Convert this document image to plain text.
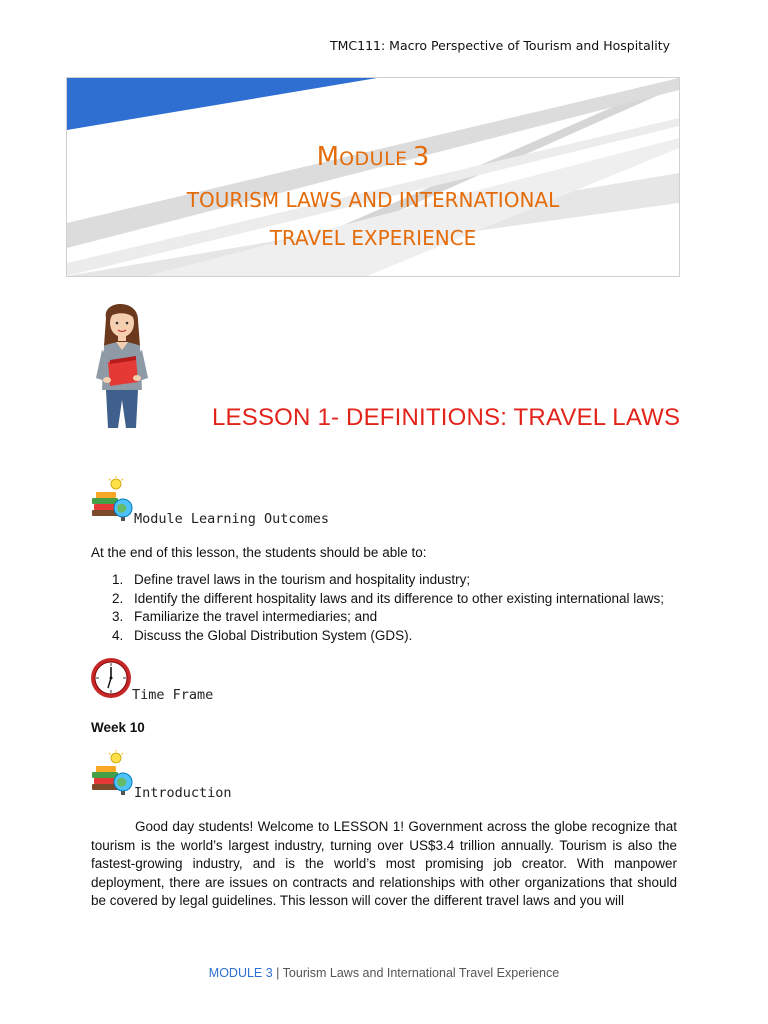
TMC111: Macro Perspective of Tourism and Hospitality
MODULE 3
TOURISM LAWS AND INTERNATIONAL
TRAVEL EXPERIENCE
LESSON 1- DEFINITIONS: TRAVEL LAWS
Module Learning Outcomes
At the end of this lesson, the students should be able to:
1. Define travel laws in the tourism and hospitality industry;
2. Identify the different hospitality laws and its difference to other existing international laws;
3. Familiarize the travel intermediaries; and
4. Discuss the Global Distribution System (GDS).
Time Frame
Week 10
Introduction
Good day students! Welcome to LESSON 1! Government across the globe recognize that tourism is the world’s largest industry, turning over US$3.4 trillion annually. Tourism is also the fastest-growing industry, and is the world’s most promising job creator. With manpower deployment, there are issues on contracts and relationships with other organizations that should be covered by legal guidelines. This lesson will cover the different travel laws and you will
MODULE 3 | Tourism Laws and International Travel Experience
